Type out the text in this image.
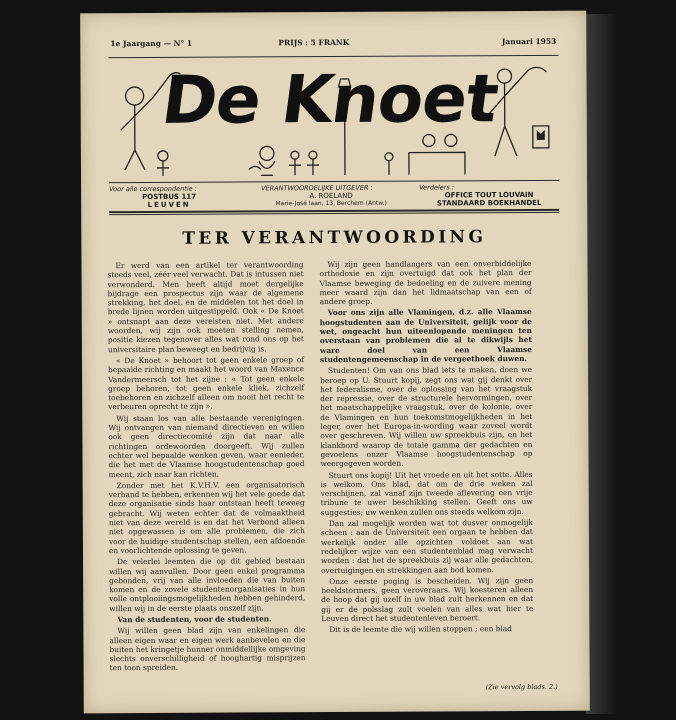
1e Jaargang — N° 1	PRIJS : 5 FRANK	Januari 1953
De Knoet
Voor alle correspondentie :
POSTBUS 117
LEUVEN
VERANTWOORDELIJKE UITGEVER :
A. ROELAND
Marie-José laan, 13, Berchem (Antw.)
Verdelers :
OFFICE TOUT LOUVAIN
STANDAARD BOEKHANDEL
TER VERANTWOORDING

Er werd van een artikel ter verantwoording steeds veel, zéér veel verwacht. Dat is intussen niet verwonderd. Men heeft altijd moet dergelijke bijdrage een prospectus zijn waar de algemene strekking, het doel, en de middelen tot het doel in brede lijnen worden uitgestippeld. Ook « De Knoet » ontsnapt aan deze vereisten niet. Met andere woorden, wij zijn ook moeten stelling nemen, positie kiezen tegenover alles wat rond ons op het universitaire plan beweegt en bedrijvig is.

« De Knoet » behoort tot geen enkele groep of bepaalde richting en maakt het woord van Maxence Vandermeersch tot het zijne : « Tot geen enkele groep behoren, tot geen enkele kliek, zichzelf toebehoren en zichzelf alleen om nooit het recht te verbeuren oprecht te zijn ».

Wij staan los van alle bestaande verenigingen. Wij ontvangen van niemand directieven en willen ook geen directiecomité zijn dat naar alle richtingen ordewoorden doorgeeft. Wij zullen echter wel bepaalde wenken geven, waar eenieder, die het met de Vlaamse hoogstudentenschap goed meent, zich naar kan richten.

Zonder met het K.V.H.V. een organisatorisch verband te hebben, erkennen wij het vele goede dat deze organisatie sinds haar ontstaan heeft teweeg gebracht. Wij weten echter dat de volmaaktheid niet van deze wereld is en dat het Verbond alleen niet opgewassen is om alle problemen, die zich voor de huidige studentschap stellen, een afdoende en voorlichtende oplossing te geven.

De velerlei leemten die op dit gebied bestaan willen wij aanvullen. Door geen enkel programma gebonden, vrij van alle invloeden die van buiten komen en de zovele studentenorganisaties in hun volle ontplooiingsmogelijkheden hebben gehinderd, willen wij in de eerste plaats onszelf zijn.

Van de studenten, voor de studenten.

Wij willen geen blad zijn van enkelingen die alleen eigen waar en eigen werk aanbevelen en die buiten het kringetje hunner onmiddellijke omgeving slechts onverschilligheid of hooghartig misprijzen ten toon spreiden.

Wij zijn geen handlangers van een onverbiddelijke orthodoxie en zijn overtuigd dat ook het plan der Vlaamse beweging de bedoeling en de zuivere mening meer waard zijn dan het lidmaatschap van een of andere groep.

Voor ons zijn alle Vlamingen, d.z. alle Vlaamse hoogstudenten aan de Universiteit, gelijk voor de wet, ongeacht hun uiteenlopende meningen ten overstaan van problemen die al te dikwijls het ware doel van een Vlaamse studentengemeenschap in de vergeethoek duwen.

Studenten! Om van ons blad iets te maken, doen we beroep op U. Stuurt kopij, zegt ons wat gij denkt over het federalisme, over de oplossing van het vraagstuk der repressie, over de structurele hervormingen, over het maatschappelijke vraagstuk, over de kolonie, over de Vlamingen en hun toekomstmogelijkheden in het leger, over het Europa-in-wording waar zoveel wordt over geschreven. Wij willen uw spreekbuis zijn, en het klankbord waarop de totale gamma der gedachten en gevoelens onzer Vlaamse hoogstudentenschap op weergegeven worden.

Stuurt ons kopij! Uit het vroede en uit het sotte. Alles is welkom. Ons blad, dat om de drie weken zal verschijnen, zal vanaf zijn tweede aflevering een vrije tribune te uwer beschikking stellen. Geeft ons uw suggesties; uw wenken zullen ons steeds welkom zijn.

Dan zal mogelijk worden wat tot dusver onmogelijk scheen : aan de Universiteit een orgaan te hebben dat werkelijk onder alle opzichten voldoet aan wat redelijker wijze van een studentenblad mag verwacht worden : dat het de spreekbuis zij waar alle gedachten, overtuigingen en strekkingen aan bod komen.

Onze eerste poging is bescheiden. Wij zijn geen beeldstormers, geen veroveraars. Wij koesteren alleen de hoop dat gij uzelf in uw blad zult herkennen en dat gij er de polsslag zult voelen van alles wat hier te Leuven direct het studentenleven beroert.

Dit is de leemte die wij willen stoppen ; een blad

(Zie vervolg blads. 2.)
